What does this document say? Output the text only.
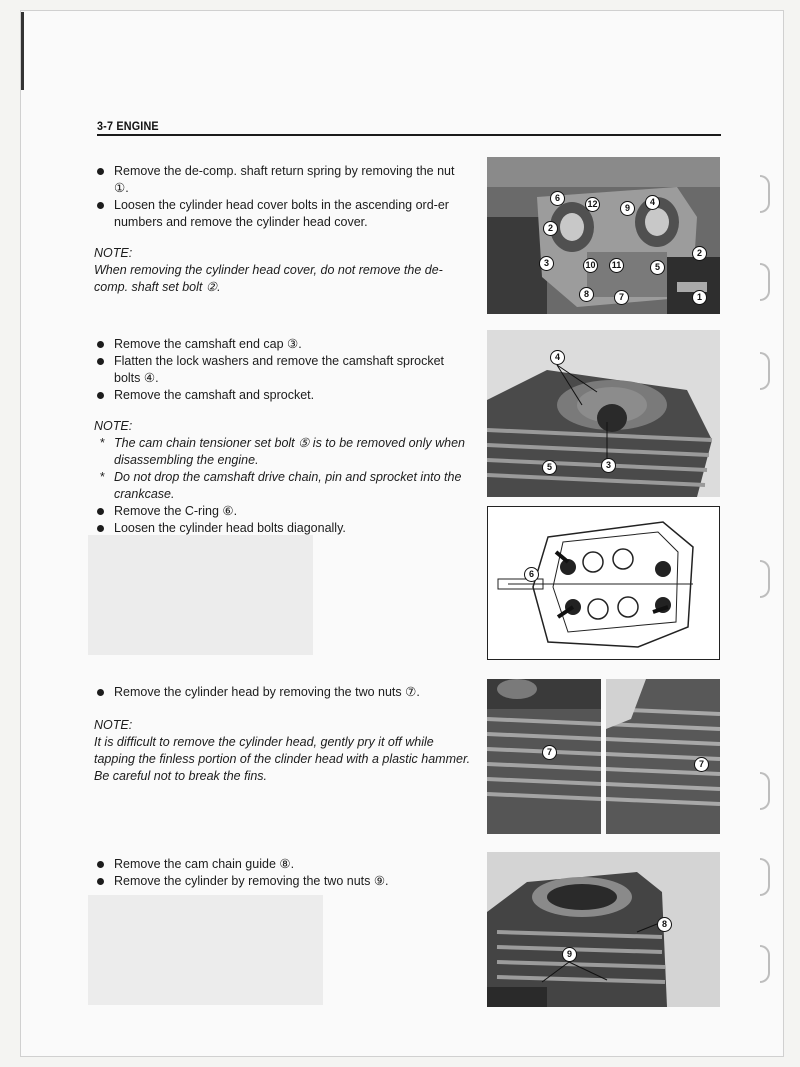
3-7 ENGINE
Remove the de-comp. shaft return spring by removing the nut ①.
Loosen the cylinder head cover bolts in the ascending ord-er numbers and remove the cylinder head cover.
NOTE:
When removing the cylinder head cover, do not remove the de-comp. shaft set bolt ②.
6
12	9
4
2
3	10	11	5
8	7
2
1
Remove the camshaft end cap ③.
Flatten the lock washers and remove the camshaft sprocket bolts ④.
Remove the camshaft and sprocket.
NOTE:
* The cam chain tensioner set bolt ⑤ is to be removed only when disassembling the engine.
* Do not drop the camshaft drive chain, pin and sprocket into the crankcase.
Remove the C-ring ⑥.
Loosen the cylinder head bolts diagonally.
4
5	3
6
Remove the cylinder head by removing the two nuts ⑦.
NOTE:
It is difficult to remove the cylinder head, gently pry it off while tapping the finless portion of the clinder head with a plastic hammer. Be careful not to break the fins.
7
7
Remove the cam chain guide ⑧.
Remove the cylinder by removing the two nuts ⑨.
8
9
